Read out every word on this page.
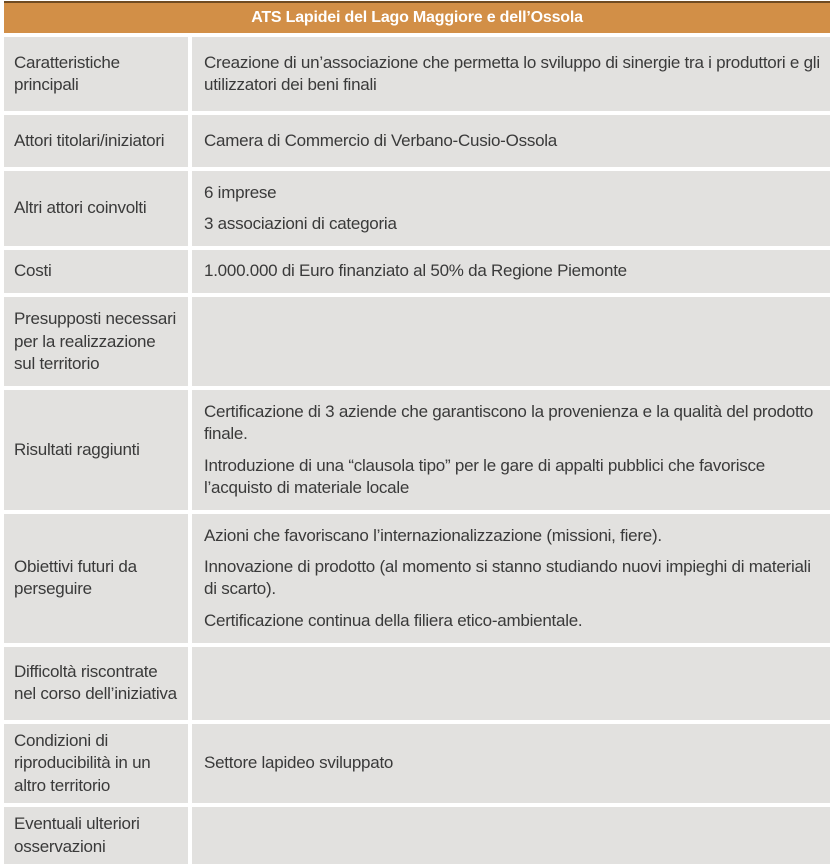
ATS Lapidei del Lago Maggiore e dell’Ossola
Caratteristiche principali

Creazione di un’associazione che permetta lo sviluppo di sinergie tra i produttori e gli utilizzatori dei beni finali

Attori titolari/iniziatori	Camera di Commercio di Verbano-Cusio-Ossola

Altri attori coinvolti

6 imprese

3 associazioni di categoria

Costi	1.000.000 di Euro finanziato al 50% da Regione Piemonte

Presupposti necessari per la realizzazione sul territorio
Risultati raggiunti

Certificazione di 3 aziende che garantiscono la provenienza e la qualità del prodotto finale.

Introduzione di una “clausola tipo” per le gare di appalti pubblici che favorisce l’acquisto di materiale locale

Obiettivi futuri da perseguire

Azioni che favoriscano l’internazionalizzazione (missioni, fiere).

Innovazione di prodotto (al momento si stanno studiando nuovi impieghi di materiali di scarto).

Certificazione continua della filiera etico-ambientale.

Difficoltà riscontrate nel corso dell’iniziativa
Condizioni di riproducibilità in un altro territorio

Settore lapideo sviluppato

Eventuali ulteriori osservazioni
